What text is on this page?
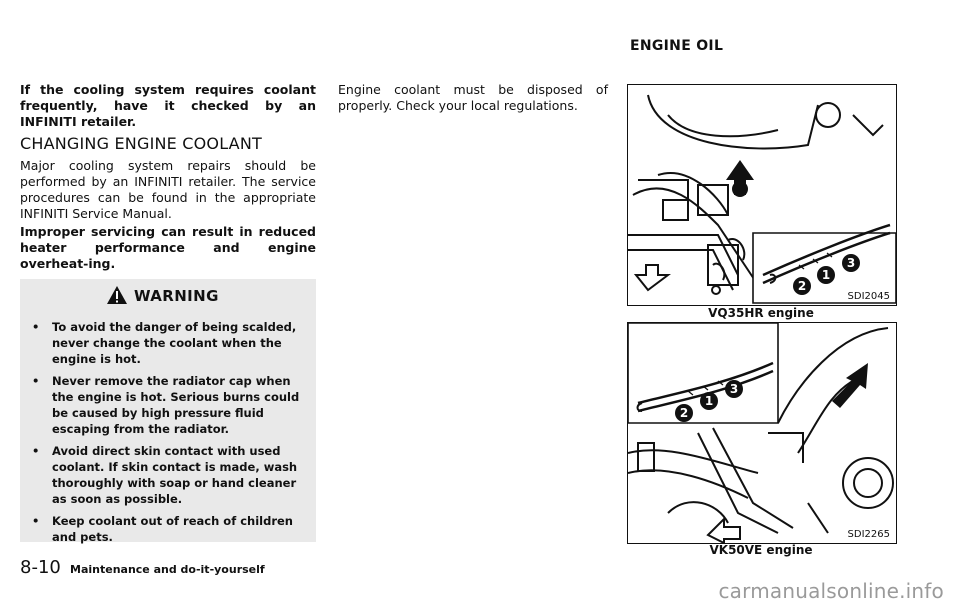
ENGINE OIL
If the cooling system requires coolant frequently, have it checked by an INFINITI retailer.
CHANGING ENGINE COOLANT
Major cooling system repairs should be performed by an INFINITI retailer. The service procedures can be found in the appropriate INFINITI Service Manual.
Improper servicing can result in reduced heater performance and engine overheat-ing.
WARNING
• To avoid the danger of being scalded, never change the coolant when the engine is hot.
• Never remove the radiator cap when the engine is hot. Serious burns could be caused by high pressure fluid escaping from the radiator.
• Avoid direct skin contact with used coolant. If skin contact is made, wash thoroughly with soap or hand cleaner as soon as possible.
• Keep coolant out of reach of children and pets.
Engine coolant must be disposed of properly. Check your local regulations.
2
1
3
SDI2045
VQ35HR engine
2
1
3
SDI2265
VK50VE engine
8-10 Maintenance and do-it-yourself
carmanualsonline.info
